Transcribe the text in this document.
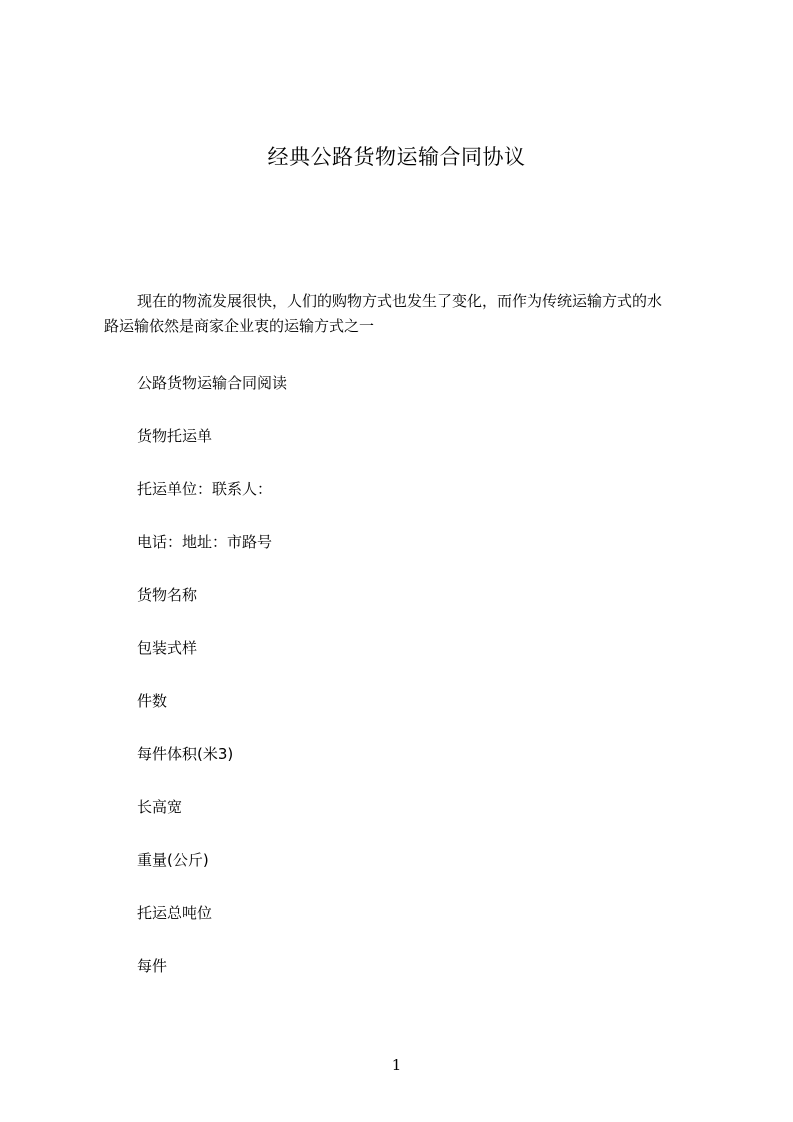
经典公路货物运输合同协议

现在的物流发展很快，人们的购物方式也发生了变化，而作为传统运输方式的水
路运输依然是商家企业衷的运输方式之一

公路货物运输合同阅读

货物托运单

托运单位：联系人：

电话：地址：市路号

货物名称

包装式样

件数

每件体积(米3)

长高宽

重量(公斤)

托运总吨位

每件

1
